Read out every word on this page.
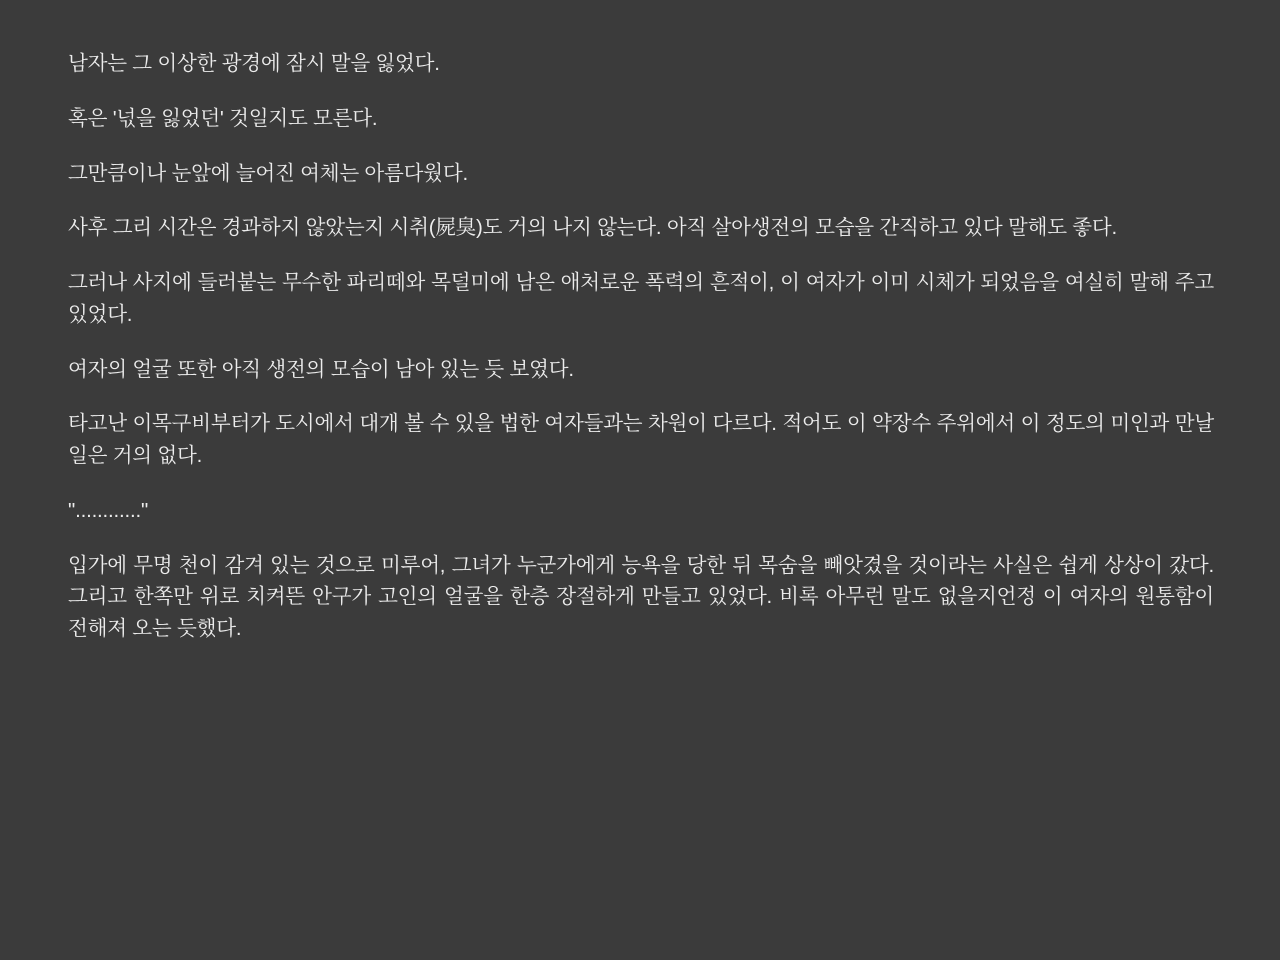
남자는 그 이상한 광경에 잠시 말을 잃었다.

혹은 '넋을 잃었던' 것일지도 모른다.

그만큼이나 눈앞에 늘어진 여체는 아름다웠다.

사후 그리 시간은 경과하지 않았는지 시취(屍臭)도 거의 나지 않는다. 아직 살아생전의 모습을 간직하고 있다 말해도 좋다.

그러나 사지에 들러붙는 무수한 파리떼와 목덜미에 남은 애처로운 폭력의 흔적이, 이 여자가 이미 시체가 되었음을 여실히 말해 주고 있었다.

여자의 얼굴 또한 아직 생전의 모습이 남아 있는 듯 보였다.

타고난 이목구비부터가 도시에서 대개 볼 수 있을 법한 여자들과는 차원이 다르다. 적어도 이 약장수 주위에서 이 정도의 미인과 만날 일은 거의 없다.

"............"

입가에 무명 천이 감겨 있는 것으로 미루어, 그녀가 누군가에게 능욕을 당한 뒤 목숨을 빼앗겼을 것이라는 사실은 쉽게 상상이 갔다. 그리고 한쪽만 위로 치켜뜬 안구가 고인의 얼굴을 한층 장절하게 만들고 있었다. 비록 아무런 말도 없을지언정 이 여자의 원통함이 전해져 오는 듯했다.
